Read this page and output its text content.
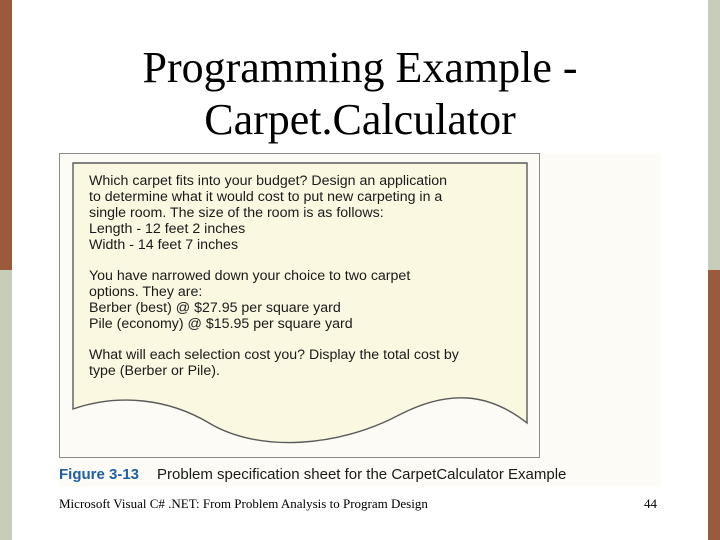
Programming Example -
Carpet.Calculator
Which carpet fits into your budget? Design an application
to determine what it would cost to put new carpeting in a
single room. The size of the room is as follows:
Length - 12 feet 2 inches
Width - 14 feet 7 inches
You have narrowed down your choice to two carpet
options. They are:
Berber (best) @ $27.95 per square yard
Pile (economy) @ $15.95 per square yard
What will each selection cost you? Display the total cost by
type (Berber or Pile).
Figure 3-13 Problem specification sheet for the CarpetCalculator Example
Microsoft Visual C# .NET: From Problem Analysis to Program Design	44
